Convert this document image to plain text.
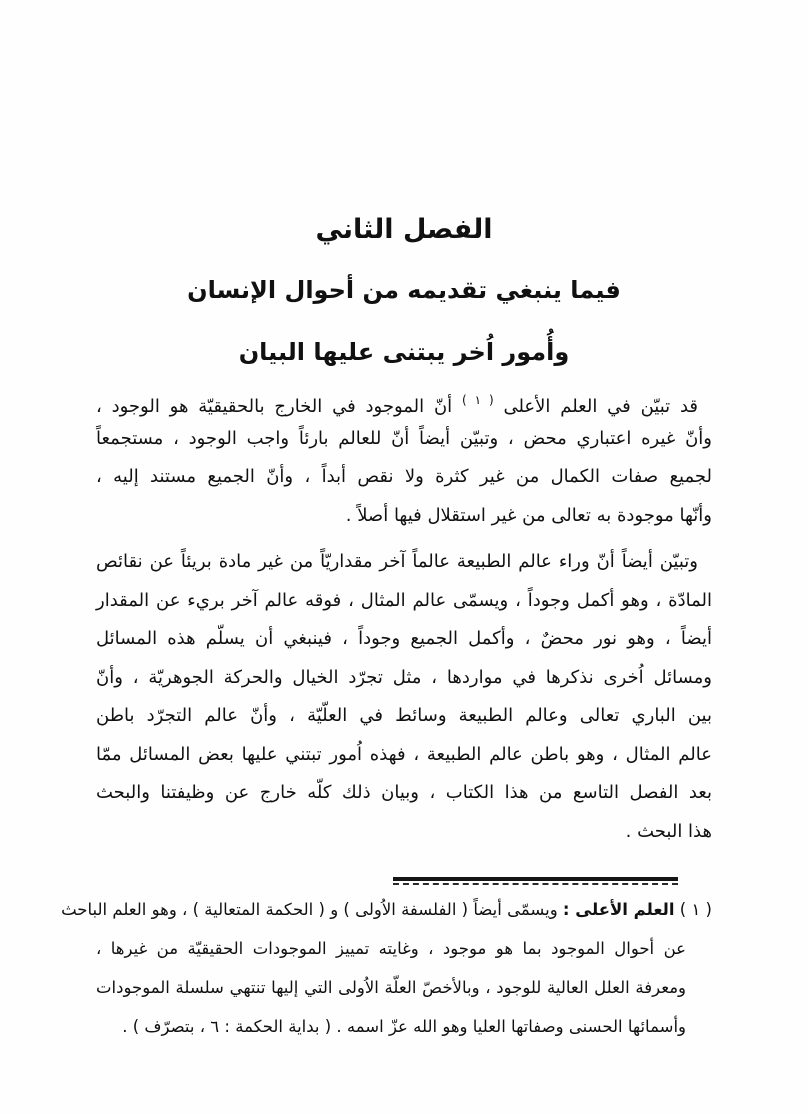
الفصل الثاني
فيما ينبغي تقديمه من أحوال الإنسان
وأُمور اُخر يبتنى عليها البيان
قد تبيّن في العلم الأعلى $^{( ١ )}$ أنّ الموجود في الخارج بالحقيقيّة هو الوجود ،
وأنّ غيره اعتباري محض ، وتبيّن أيضاً أنّ للعالم بارئاً واجب الوجود ، مستجمعاً
لجميع صفات الكمال من غير كثرة ولا نقص أبداً ، وأنّ الجميع مستند إليه ،
وأنّها موجودة به تعالى من غير استقلال فيها أصلاً .
وتبيّن أيضاً أنّ وراء عالم الطبيعة عالماً آخر مقداريّاً من غير مادة بريئاً عن نقائص
المادّة ، وهو أكمل وجوداً ، ويسمّى عالم المثال ، فوقه عالم آخر بريء عن المقدار
أيضاً ، وهو نور محضٌ ، وأكمل الجميع وجوداً ، فينبغي أن يسلّم هذه المسائل
ومسائل اُخرى نذكرها في مواردها ، مثل تجرّد الخيال والحركة الجوهريّة ، وأنّ
بين الباري تعالى وعالم الطبيعة وسائط في العلّيّة ، وأنّ عالم التجرّد باطن
عالم المثال ، وهو باطن عالم الطبيعة ، فهذه اُمور تبتني عليها بعض المسائل ممّا
بعد الفصل التاسع من هذا الكتاب ، وبيان ذلك كلّه خارج عن وظيفتنا والبحث
هذا البحث .
( ١ ) العلم الأعلى : ويسمّى أيضاً ( الفلسفة الاُولى ) و ( الحكمة المتعالية ) ، وهو العلم الباحث
عن أحوال الموجود بما هو موجود ، وغايته تمييز الموجودات الحقيقيّة من غيرها ،
ومعرفة العلل العالية للوجود ، وبالأخصّ العلّة الاُولى التي إليها تنتهي سلسلة الموجودات
وأسمائها الحسنى وصفاتها العليا وهو الله عزّ اسمه . ( بداية الحكمة : ٦ ، بتصرّف ) .
